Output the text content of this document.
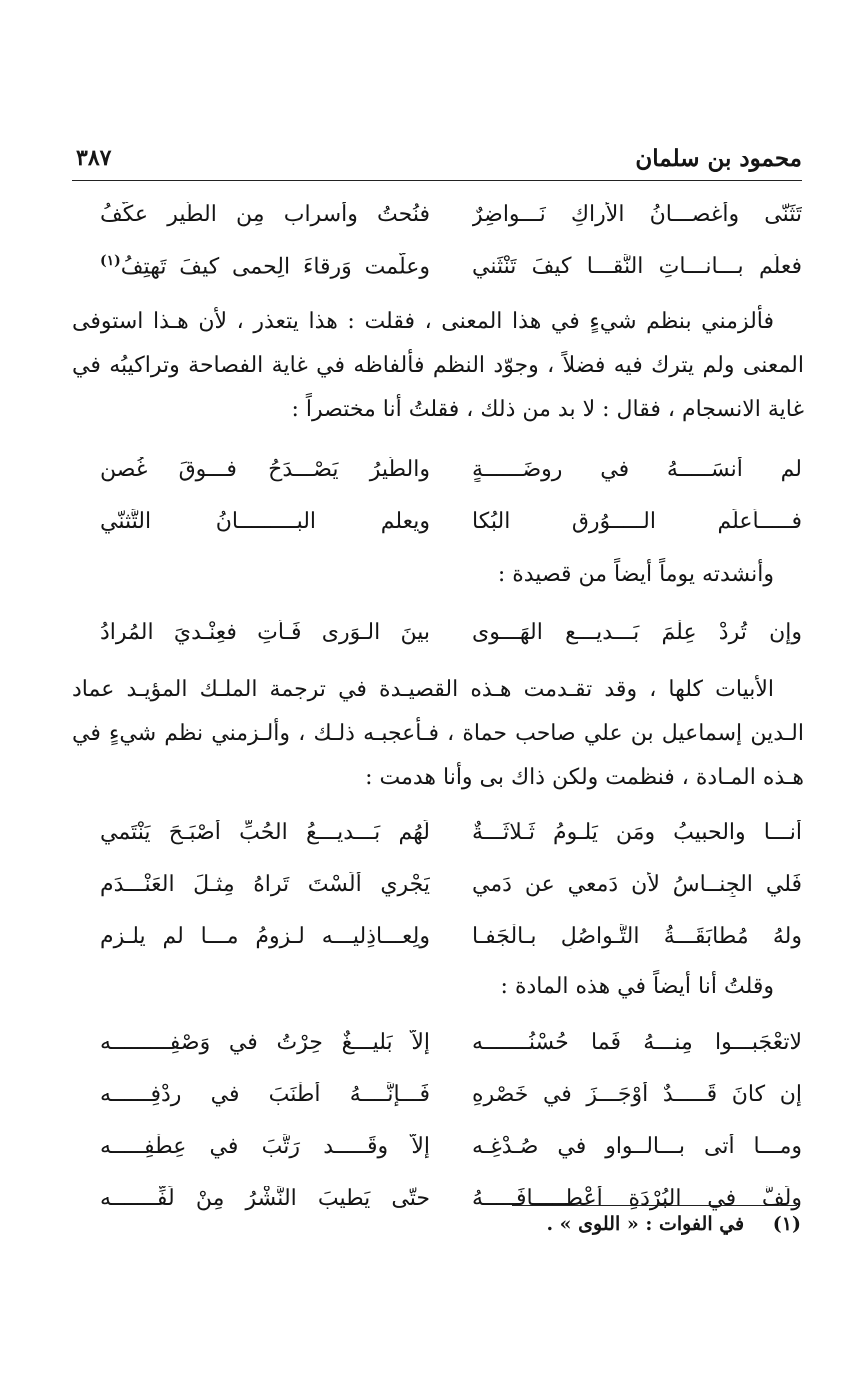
محمود بن سلمان
٣٨٧
تَثَنّى وأغصـــانُ الأراكِ نَـــواضِرٌ
فنُحتُ وأسراب مِن الطَّيرِ عكَّفُ
فعلَّم بـــانـــاتِ النَّقـــا كيفَ تَنْثَني
وعلَّمت وَرقاءَ الِحمى كيفَ تَهتِفُ$^{(١)}$

فألزمني بنظم شيءٍ في هذا المعنى ، فقلت : هذا يتعذر ، لأن هـذا استوفى المعنى ولم يترك فيه فضلاً ، وجوّد النظم فألفاظه في غاية الفصاحة وتراكيبُه في غاية الانسجام ، فقال : لا بد من ذلك ، فقلتُ أنا مختصراً :

لم أنسَـــــهُ في روضَــــــةٍ
والطَّيرُ يَصْـــدَحُ فـــوقَ غُصن
فـــــأعلِّم الـــــوُرق البُكا
ويعلم البـــــــــانُ التَّثنّي

وأنشدته يوماً أيضاً من قصيدة :

وإن تُرِدْ عِلْمَ بَـــديـــعِ الهَـــوى
بينَ الـوَرى فَـأْتِ فعِنْـديَ المُرادُ

الأبيات كلها ، وقد تقـدمت هـذه القصيـدة في ترجمة الملـك المؤيـد عماد الـدين إسماعيل بن علي صاحب حماة ، فـأعجبـه ذلـك ، وألـزمني نظم شيءٍ في هـذه المـادة ، فنظمت ولكن ذاك بى وأنا هدمت :

أنـــا والحبيبُ ومَن يَلـومُ ثَـلاثَـــةٌ
لَهُم بَـــديـــعُ الحُبِّ أصْبَـحَ يَنْتَمي
فَلي الجِنــاسُ لأن دَمعي عن دَمي
يَجْري ألَسْتَ تَراهُ مِثـلَ العَنْـــدَمِ
ولهُ مُطابَقَـــةُ التَّـواصُلِ بـالْجَفـا
ولِعـــاذِليـــه لـزومُ مـــا لم يلـزمِ

وقلتُ أنا أيضاً في هذه المادة :

لاتعْجَبـــوا مِنـــهُ فَما حُسْنُـــــــه
إلاّ بَليـــغٌ حِرْتُ في وَصْفِـــــــــه
إن كانَ قَـــــدٌ أوْجَـــزَ في خَصْرِهِ
فَـــإنَّــــهُ أطْنَبَ في رِدْفِــــــه
ومـــا أتى بـــالــواوِ في صُـدْغِـه
إلاّ وقَـــــد رَتَّبَ في عِطْفِـــــه
ولَفَّ في البُرْدَةِ أعْطـــــافَـــــهُ
حتّى يَطيبَ النَّشْرُ مِنْ لَفِّـــــــه
(١) في الفوات : « اللوى » .
